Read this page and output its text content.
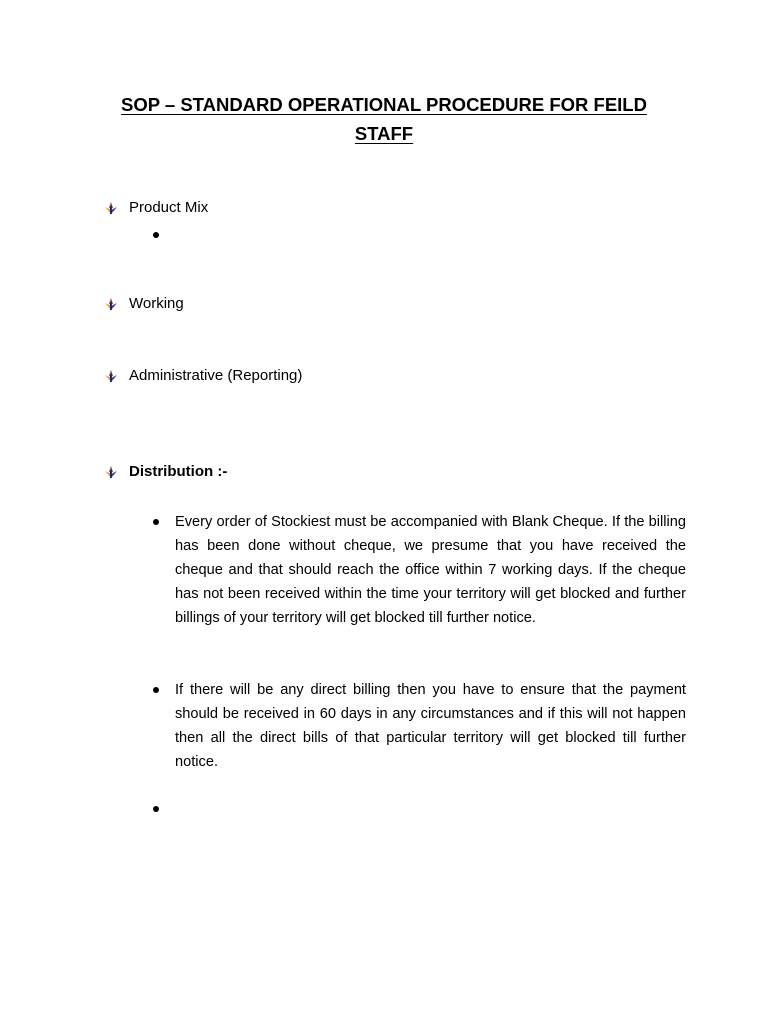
SOP – STANDARD OPERATIONAL PROCEDURE FOR FEILD STAFF
Product Mix
Working
Administrative (Reporting)
Distribution :-
Every order of Stockiest must be accompanied with Blank Cheque. If the billing has been done without cheque, we presume that you have received the cheque and that should reach the office within 7 working days. If the cheque has not been received within the time your territory will get blocked and further billings of your territory will get blocked till further notice.
If there will be any direct billing then you have to ensure that the payment should be received in 60 days in any circumstances and if this will not happen then all the direct bills of that particular territory will get blocked till further notice.
